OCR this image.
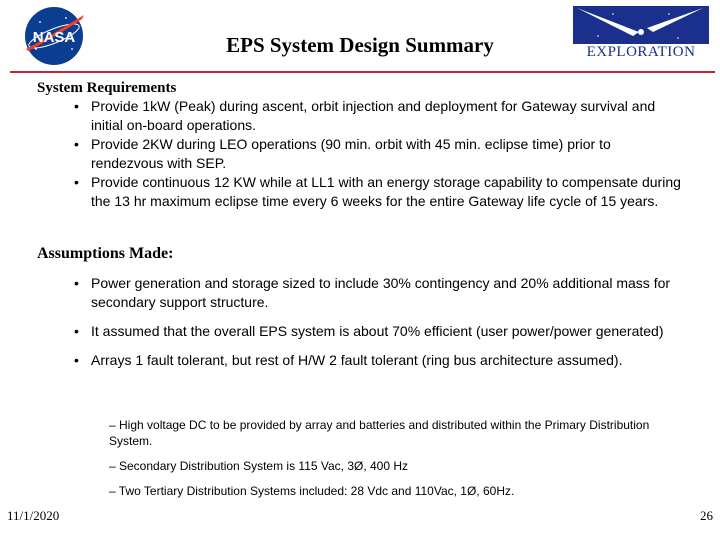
NASA	EPS System Design Summary	EXPLORATION
System Requirements
• Provide 1kW (Peak) during ascent, orbit injection and deployment for Gateway survival and initial on-board operations.
• Provide 2KW during LEO operations (90 min. orbit with 45 min. eclipse time) prior to rendezvous with SEP.
• Provide continuous 12 KW while at LL1 with an energy storage capability to compensate during the 13 hr maximum eclipse time every 6 weeks for the entire Gateway life cycle of 15 years.
Assumptions Made:
• Power generation and storage sized to include 30% contingency and 20% additional mass for secondary support structure.
• It assumed that the overall EPS system is about 70% efficient (user power/power generated)
• Arrays 1 fault tolerant, but rest of H/W 2 fault tolerant (ring bus architecture assumed).
– High voltage DC to be provided by array and batteries and distributed within the Primary Distribution System.
– Secondary Distribution System is 115 Vac, 3Ø, 400 Hz
– Two Tertiary Distribution Systems included: 28 Vdc and 110Vac, 1Ø, 60Hz.
11/1/2020	26
